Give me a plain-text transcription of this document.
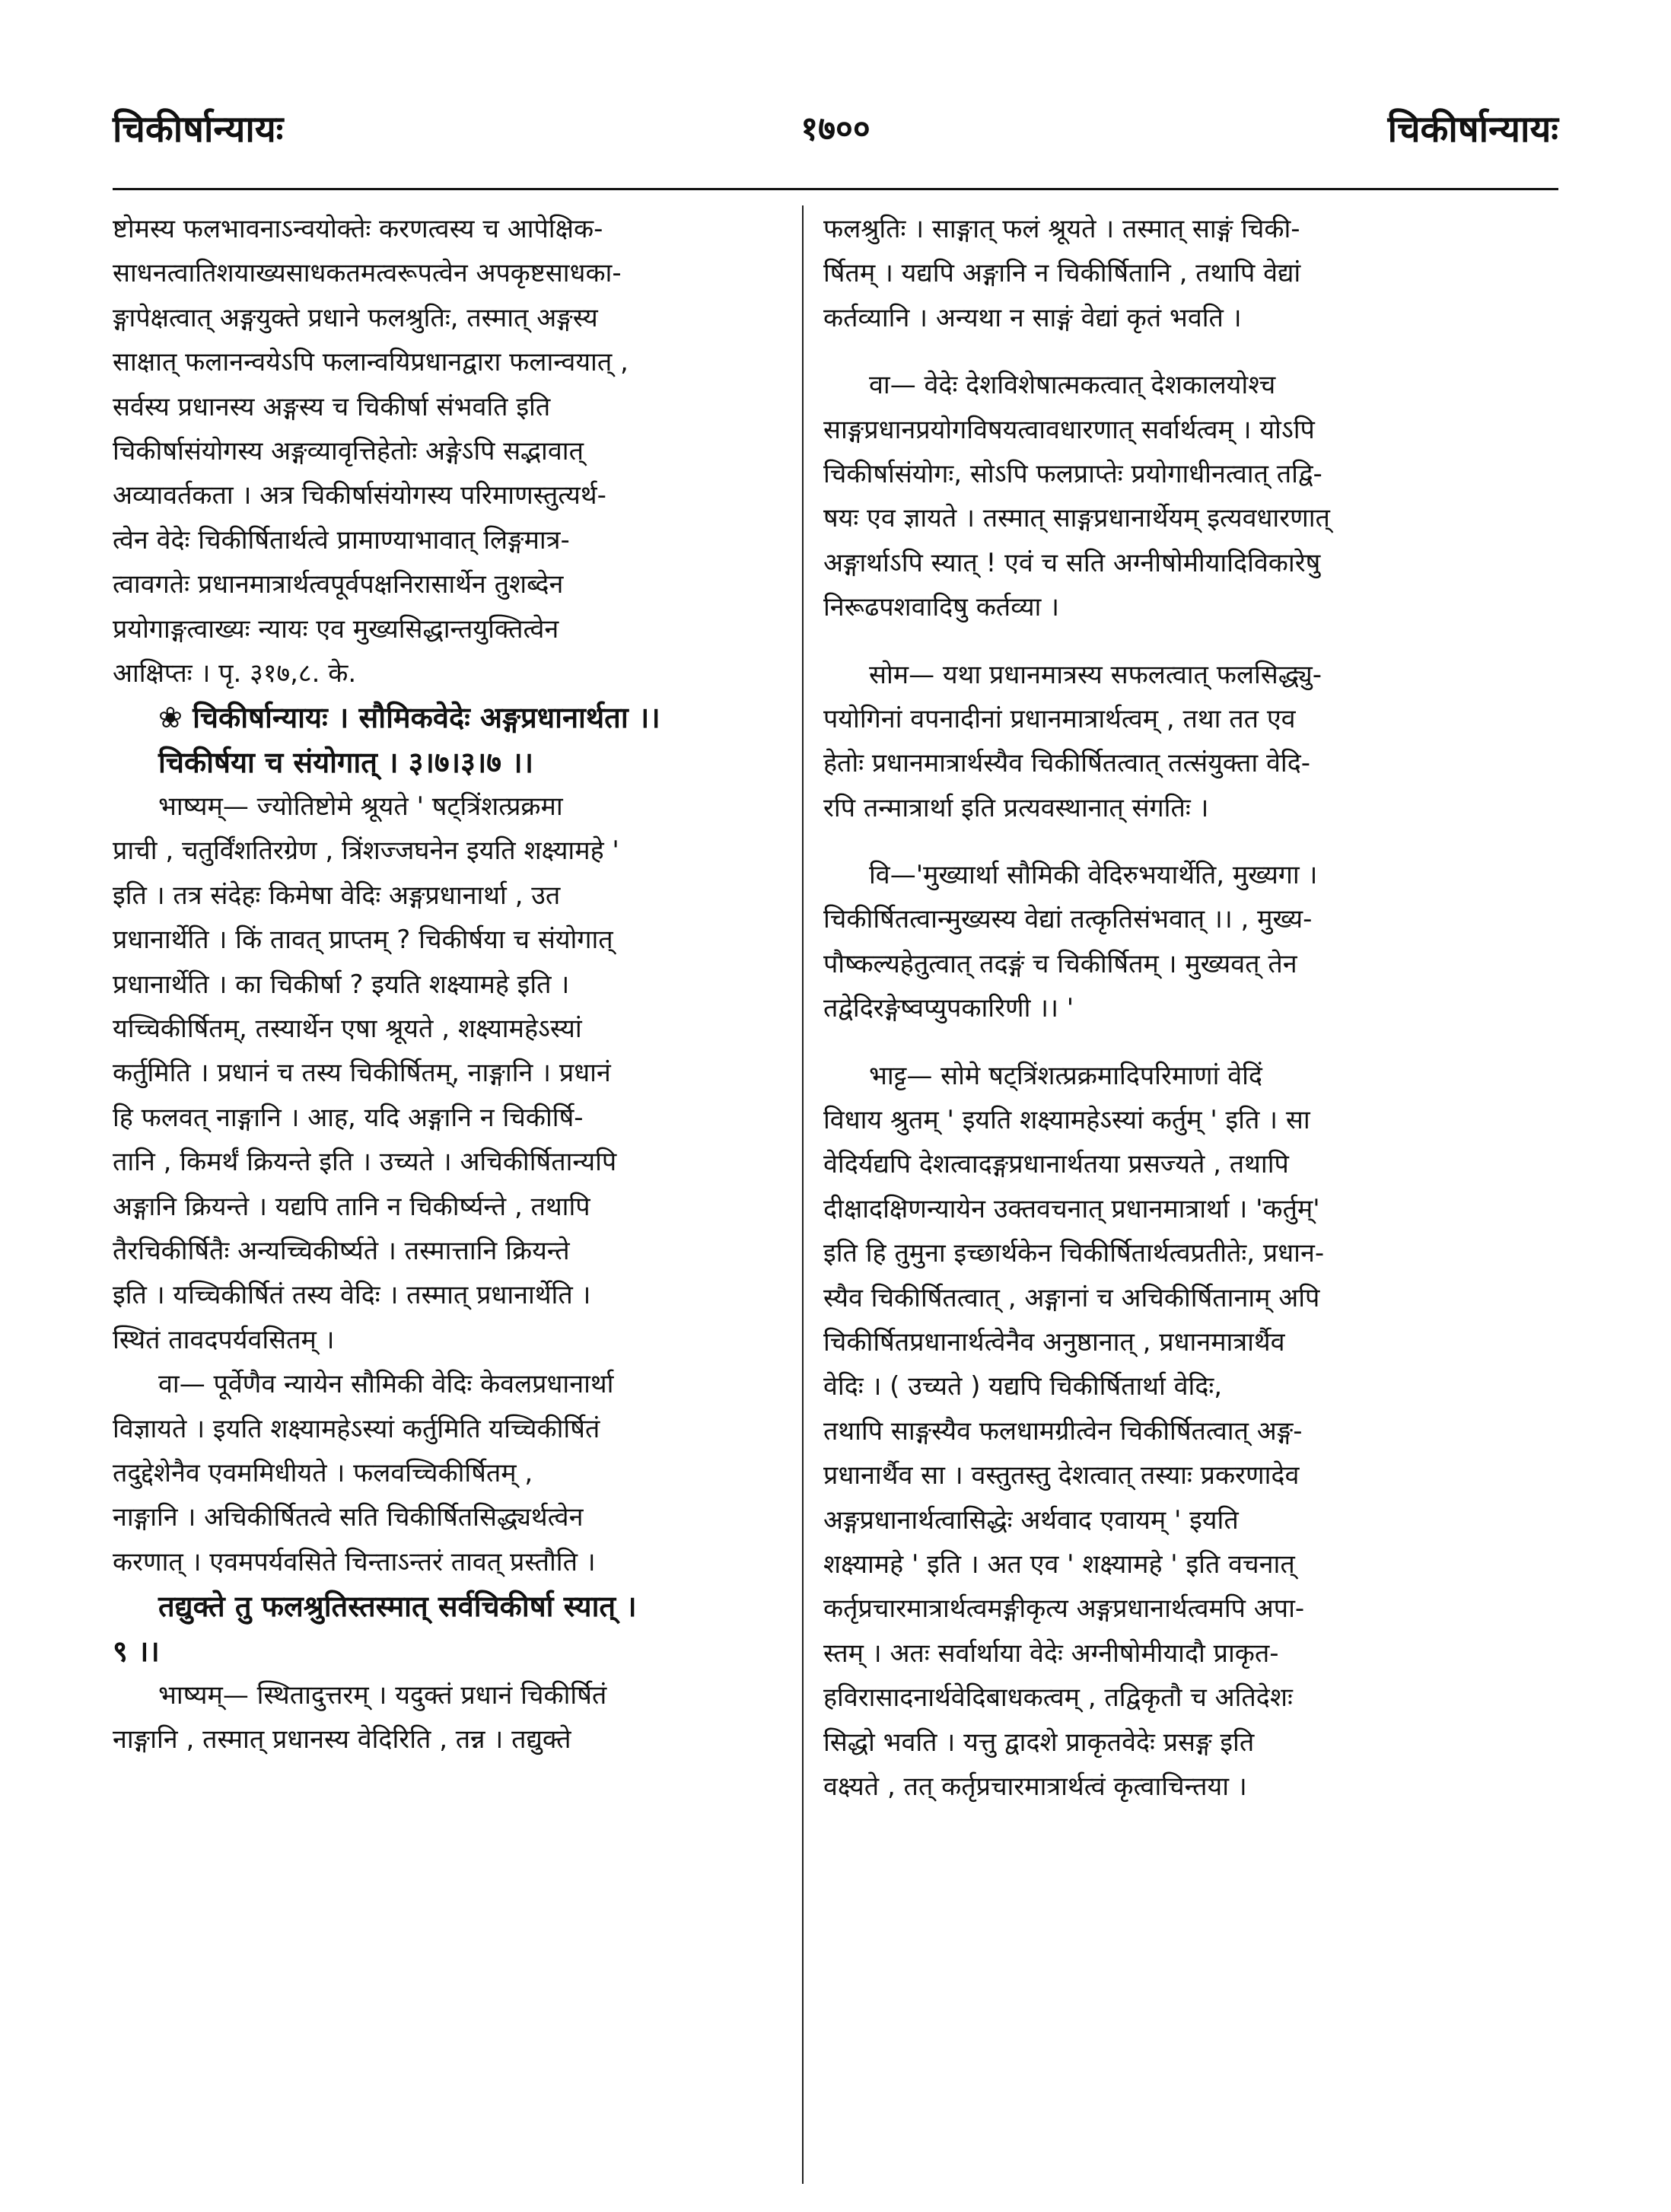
चिकीर्षान्यायः	१७००	चिकीर्षान्यायः
ष्टोमस्य फलभावनाऽन्वयोक्तेः करणत्वस्य च आपेक्षिक-
साधनत्वातिशयाख्यसाधकतमत्वरूपत्वेन अपकृष्टसाधका-
ङ्गापेक्षत्वात् अङ्गयुक्ते प्रधाने फलश्रुतिः, तस्मात् अङ्गस्य
साक्षात् फलानन्वयेऽपि फलान्वयिप्रधानद्वारा फलान्वयात् ,
सर्वस्य प्रधानस्य अङ्गस्य च चिकीर्षा संभवति इति
चिकीर्षासंयोगस्य अङ्गव्यावृत्तिहेतोः अङ्गेऽपि सद्भावात्
अव्यावर्तकता । अत्र चिकीर्षासंयोगस्य परिमाणस्तुत्यर्थ-
त्वेन वेदेः चिकीर्षितार्थत्वे प्रामाण्याभावात् लिङ्गमात्र-
त्वावगतेः प्रधानमात्रार्थत्वपूर्वपक्षनिरासार्थेन तुशब्देन
प्रयोगाङ्गत्वाख्यः न्यायः एव मुख्यसिद्धान्तयुक्तित्वेन
आक्षिप्तः । पृ. ३१७,८. के.
❀ चिकीर्षान्यायः । सौमिकवेदेः अङ्गप्रधानार्थता ।।
चिकीर्षया च संयोगात् । ३।७।३।७ ।।
भाष्यम्— ज्योतिष्टोमे श्रूयते ' षट्त्रिंशत्प्रक्रमा
प्राची , चतुर्विंशतिरग्रेण , त्रिंशज्जघनेन इयति शक्ष्यामहे '
इति । तत्र संदेहः किमेषा वेदिः अङ्गप्रधानार्था , उत
प्रधानार्थेति । किं तावत् प्राप्तम् ? चिकीर्षया च संयोगात्
प्रधानार्थेति । का चिकीर्षा ? इयति शक्ष्यामहे इति ।
यच्चिकीर्षितम्, तस्यार्थेन एषा श्रूयते , शक्ष्यामहेऽस्यां
कर्तुमिति । प्रधानं च तस्य चिकीर्षितम्, नाङ्गानि । प्रधानं
हि फलवत् नाङ्गानि । आह, यदि अङ्गानि न चिकीर्षि-
तानि , किमर्थं क्रियन्ते इति । उच्यते । अचिकीर्षितान्यपि
अङ्गानि क्रियन्ते । यद्यपि तानि न चिकीर्ष्यन्ते , तथापि
तैरचिकीर्षितैः अन्यच्चिकीर्ष्यते । तस्मात्तानि क्रियन्ते
इति । यच्चिकीर्षितं तस्य वेदिः । तस्मात् प्रधानार्थेति ।
स्थितं तावदपर्यवसितम् ।
वा— पूर्वेणैव न्यायेन सौमिकी वेदिः केवलप्रधानार्था
विज्ञायते । इयति शक्ष्यामहेऽस्यां कर्तुमिति यच्चिकीर्षितं
तदुद्देशेनैव एवममिधीयते । फलवच्चिकीर्षितम् ,
नाङ्गानि । अचिकीर्षितत्वे सति चिकीर्षितसिद्ध्यर्थत्वेन
करणात् । एवमपर्यवसिते चिन्ताऽन्तरं तावत् प्रस्तौति ।
तद्युक्ते तु फलश्रुतिस्तस्मात् सर्वचिकीर्षा स्यात् ।
९ ।।
भाष्यम्— स्थितादुत्तरम् । यदुक्तं प्रधानं चिकीर्षितं
नाङ्गानि , तस्मात् प्रधानस्य वेदिरिति , तन्न । तद्युक्ते
फलश्रुतिः । साङ्गात् फलं श्रूयते । तस्मात् साङ्गं चिकी-
र्षितम् । यद्यपि अङ्गानि न चिकीर्षितानि , तथापि वेद्यां
कर्तव्यानि । अन्यथा न साङ्गं वेद्यां कृतं भवति ।
वा— वेदेः देशविशेषात्मकत्वात् देशकालयोश्च
साङ्गप्रधानप्रयोगविषयत्वावधारणात् सर्वार्थत्वम् । योऽपि
चिकीर्षासंयोगः, सोऽपि फलप्राप्तेः प्रयोगाधीनत्वात् तद्वि-
षयः एव ज्ञायते । तस्मात् साङ्गप्रधानार्थेयम् इत्यवधारणात्
अङ्गार्थाऽपि स्यात् ! एवं च सति अग्नीषोमीयादिविकारेषु
निरूढपशवादिषु कर्तव्या ।
सोम— यथा प्रधानमात्रस्य सफलत्वात् फलसिद्ध्यु-
पयोगिनां वपनादीनां प्रधानमात्रार्थत्वम् , तथा तत एव
हेतोः प्रधानमात्रार्थस्यैव चिकीर्षितत्वात् तत्संयुक्ता वेदि-
रपि तन्मात्रार्था इति प्रत्यवस्थानात् संगतिः ।
वि—'मुख्यार्था सौमिकी वेदिरुभयार्थेति, मुख्यगा ।
चिकीर्षितत्वान्मुख्यस्य वेद्यां तत्कृतिसंभवात् ।। , मुख्य-
पौष्कल्यहेतुत्वात् तदङ्गं च चिकीर्षितम् । मुख्यवत् तेन
तद्वेदिरङ्गेष्वप्युपकारिणी ।। '
भाट्ट— सोमे षट्त्रिंशत्प्रक्रमादिपरिमाणां वेदिं
विधाय श्रुतम् ' इयति शक्ष्यामहेऽस्यां कर्तुम् ' इति । सा
वेदिर्यद्यपि देशत्वादङ्गप्रधानार्थतया प्रसज्यते , तथापि
दीक्षादक्षिणन्यायेन उक्तवचनात् प्रधानमात्रार्था । 'कर्तुम्'
इति हि तुमुना इच्छार्थकेन चिकीर्षितार्थत्वप्रतीतेः, प्रधान-
स्यैव चिकीर्षितत्वात् , अङ्गानां च अचिकीर्षितानाम् अपि
चिकीर्षितप्रधानार्थत्वेनैव अनुष्ठानात् , प्रधानमात्रार्थैव
वेदिः । ( उच्यते ) यद्यपि चिकीर्षितार्था वेदिः,
तथापि साङ्गस्यैव फलधामग्रीत्वेन चिकीर्षितत्वात् अङ्ग-
प्रधानार्थैव सा । वस्तुतस्तु देशत्वात् तस्याः प्रकरणादेव
अङ्गप्रधानार्थत्वासिद्धेः अर्थवाद एवायम् ' इयति
शक्ष्यामहे ' इति । अत एव ' शक्ष्यामहे ' इति वचनात्
कर्तृप्रचारमात्रार्थत्वमङ्गीकृत्य अङ्गप्रधानार्थत्वमपि अपा-
स्तम् । अतः सर्वार्थाया वेदेः अग्नीषोमीयादौ प्राकृत-
हविरासादनार्थवेदिबाधकत्वम् , तद्विकृतौ च अतिदेशः
सिद्धो भवति । यत्तु द्वादशे प्राकृतवेदेः प्रसङ्ग इति
वक्ष्यते , तत् कर्तृप्रचारमात्रार्थत्वं कृत्वाचिन्तया ।
